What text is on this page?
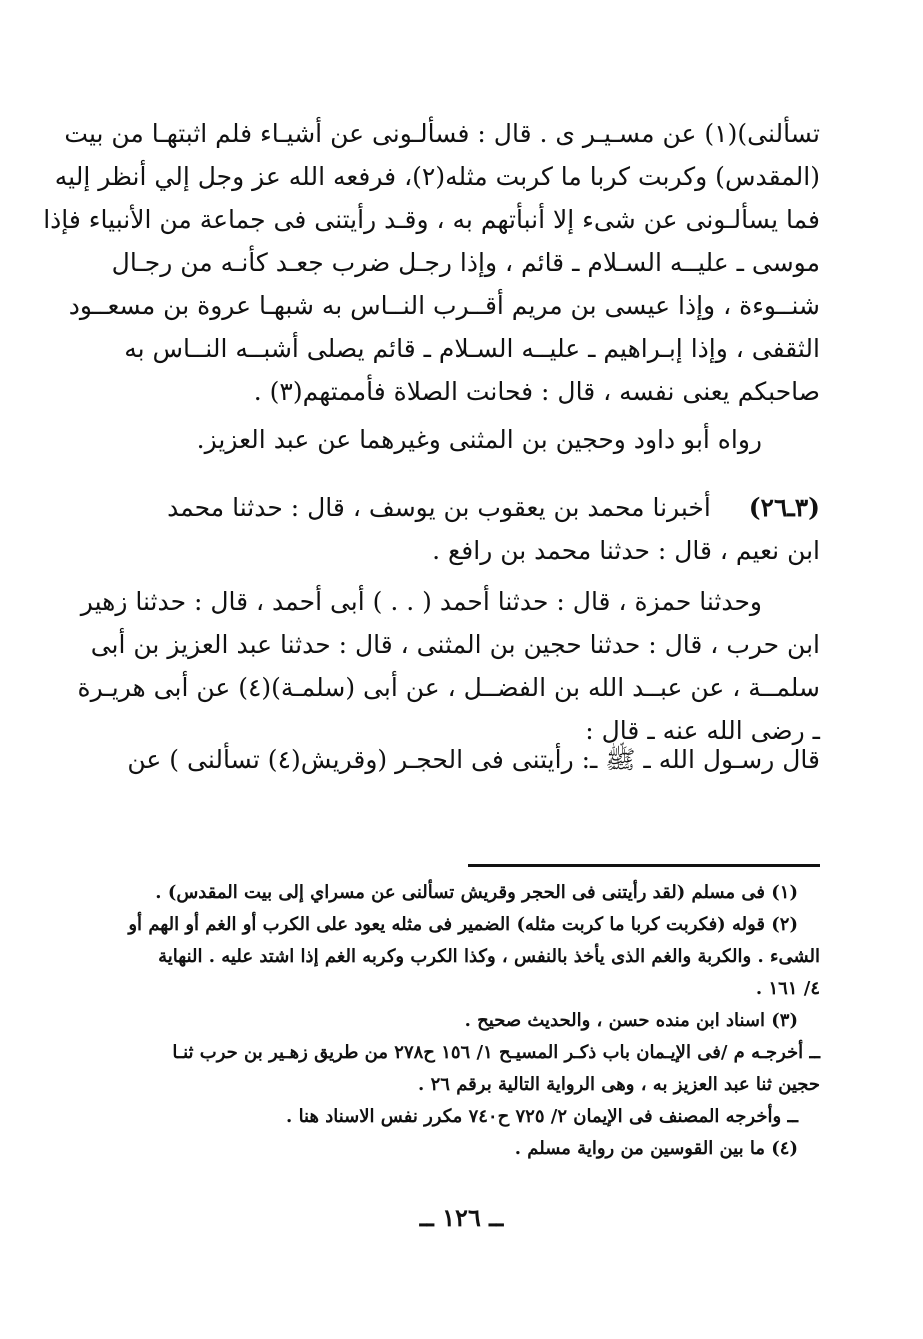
تسألنى)(١) عن مسـيـر ى . قال : فسألـونى عن أشيـاء فلم اثبتهـا من بيت
(المقدس) وكربت كربا ما كربت مثله(٢)، فرفعه الله عز وجل إلي أنظر إليه
فما يسألـونى عن شىء إلا أنبأتهم به ، وقـد رأيتنى فى جماعة من الأنبياء فإذا
موسى ـ عليــه السـلام ـ قائم ، وإذا رجـل ضرب جعـد كأنـه من رجـال
شنــوءة ، وإذا عيسى بن مريم أقــرب النــاس به شبهـا عروة بن مسعــود
الثقفى ، وإذا إبـراهيم ـ عليــه السـلام ـ قائم يصلى أشبــه النــاس به
صاحبكم يعنى نفسه ، قال : فحانت الصلاة فأممتهم(٣) .
رواه أبو داود وحجين بن المثنى وغيرهما عن عبد العزيز.
(٣ـ٢٦)  أخبرنا محمد بن يعقوب بن يوسف ، قال : حدثنا محمد
ابن نعيم ، قال : حدثنا محمد بن رافع .
وحدثنا حمزة ، قال : حدثنا أحمد ( . . ) أبى أحمد ، قال : حدثنا زهير
ابن حرب ، قال : حدثنا حجين بن المثنى ، قال : حدثنا عبد العزيز بن أبى
سلمــة ، عن عبــد الله بن الفضــل ، عن أبى (سلمـة)(٤) عن أبى هريـرة
ـ رضى الله عنه ـ قال :
قال رسـول الله ـ ﷺ ـ: رأيتنى فى الحجـر (وقريش(٤) تسألنى ) عن
(١) فى مسلم (لقد رأيتنى فى الحجر وقريش تسألنى عن مسراي إلى بيت المقدس) .
(٢) قوله (فكربت كربا ما كربت مثله) الضمير فى مثله يعود على الكرب أو الغم أو الهم أو
الشىء . والكربة والغم الذى يأخذ بالنفس ، وكذا الكرب وكربه الغم إذا اشتد عليه . النهاية
٤/ ١٦١ .
(٣) اسناد ابن منده حسن ، والحديث صحيح .
ــ أخرجـه م /فى الإيـمان باب ذكـر المسيـح ١/ ١٥٦ ح٢٧٨ من طريق زهـير بن حرب ثنـا
حجين ثنا عبد العزيز به ، وهى الرواية التالية برقم ٢٦ .
ــ وأخرجه المصنف فى الإيمان ٢/ ٧٢٥ ح٧٤٠ مكرر نفس الاسناد هنا .
(٤) ما بين القوسين من رواية مسلم .
ــ ١٢٦ ــ
